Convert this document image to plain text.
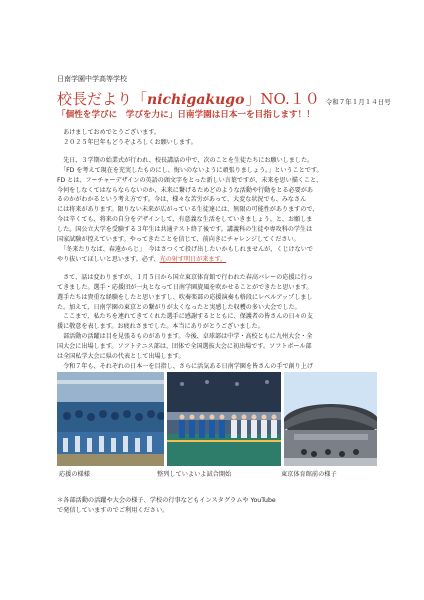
日南学園中学高等学校
校長だより「 nichigakugo 」NO.１０ 令和７年１月１４日号
「個性を学びに　学びを力に」日南学園は日本一を目指します！！

　あけましておめでとうございます。

　２０２５年巳年もどうぞよろしくお願いします。

　先日、３学期の始業式が行われ、校長講話の中で、次のことを生徒たちにお願いしました。

　「FD を考えて現在を充実したものにし、悔いのないように頑張りましょう。」ということです。

FD とは、フーチャーデザインの英語の頭文字をとった新しい言葉ですが、未来を思い描くこと、

今何をしなくてはならならないのか、未来に繋げるためどのような活動や行動をとる必要があ

るのかがわかるという考え方です。今は、様々な苦労があって、大変な状況でも、みなさん

には将来があります。限りない未来が広がっている生徒達には、無限の可能性がありますので、

今は辛くても、将来の自分をデザインして、有意義な生活をしていきましょう。と、お願しま

した。国公立大学を受験する３年生は共通テスト終了後です。講義科の生徒や専攻科の学生は

国家試験が控えています。やってきたことを信じて、前向きにチャレンジしてください。

　「冬来たりなば、春遠からじ」　今はさつくて投げ出したいかもしれませんが、くじけないで

やり抜いてほしいと思います。必ず、光の射す明日が来ます。

　さて、話は変わりますが、１月５日から国立東京体育館で行われた春高バレーの応援に行っ

てきました。選手・応援団が一丸となって日南学園旋風を吹かせることができたと思います。

選手たちは貴重な経験をしたと思いますし、吹奏楽部の応援演奏も格段にレベルアップしまし

た。加えて、日南学園の東京との繋がりが太くなったと実感した収穫の多い大会でした。

　ここまで、私たちを連れてきてくれた選手に感謝するとともに、保護者の皆さんの日々の支

援に敬意を表します。お疲れさまでした。本当にありがとうございました。

　部活動の活躍は目を見張るものがあります。今後、卓球部は中学・高校ともに九州大会・全

国大会に出場します。ソフトテニス部は、団体で全国選抜大会に初出場です。ソフトボール部

は全国私学大会に県の代表として出場します。

　令和７年も、それぞれの日本一を目指し、さらに活気ある日南学園を皆さんの手で創り上げ

応援の様様	整列していよいよ試合開始	東京体育館前の様子
＊各部活動の活躍や大会の様子、学校の行事などもインスタグラムや YouTube
で発信していますのでご利用ください。
